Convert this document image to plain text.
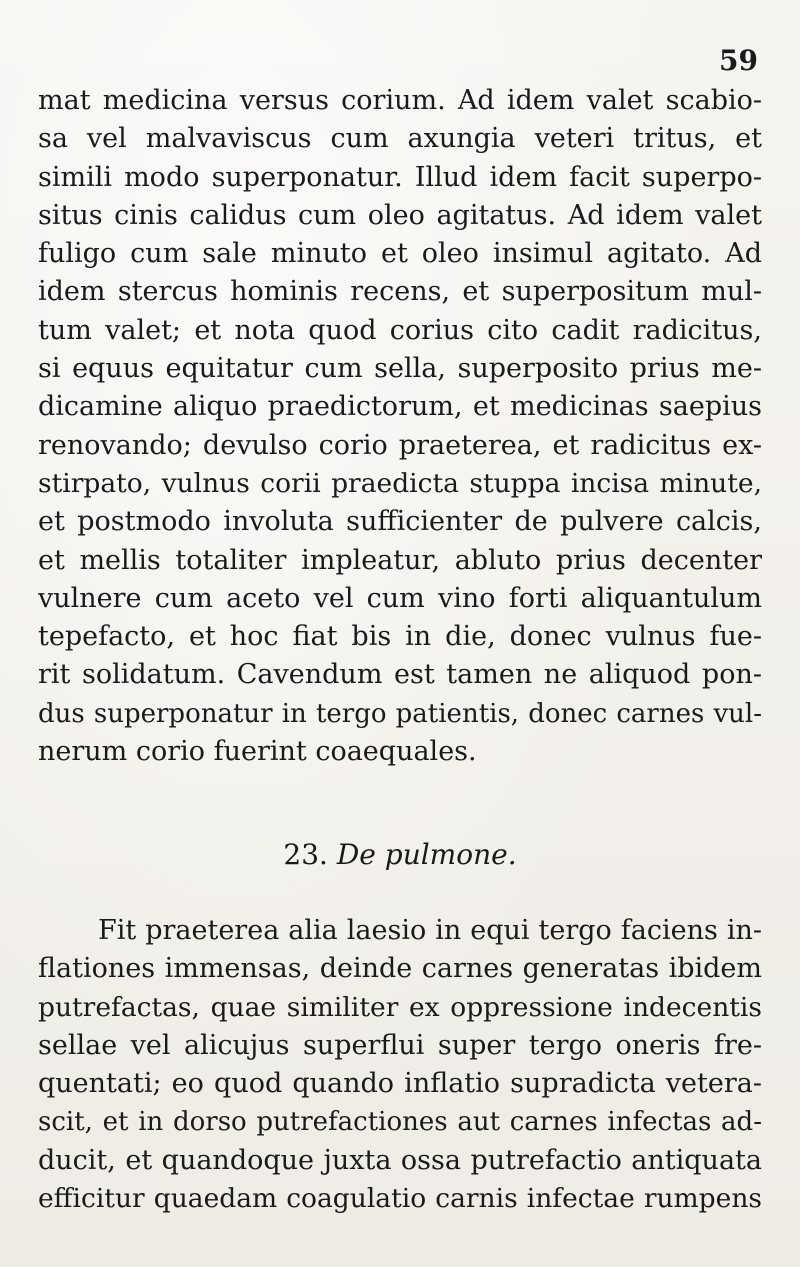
59
mat medicina versus corium. Ad idem valet scabio-
sa vel malvaviscus cum axungia veteri tritus, et
simili modo superponatur. Illud idem facit superpo-
situs cinis calidus cum oleo agitatus. Ad idem valet
fuligo cum sale minuto et oleo insimul agitato. Ad
idem stercus hominis recens, et superpositum mul-
tum valet; et nota quod corius cito cadit radicitus,
si equus equitatur cum sella, superposito prius me-
dicamine aliquo praedictorum, et medicinas saepius
renovando; devulso corio praeterea, et radicitus ex-
stirpato, vulnus corii praedicta stuppa incisa minute,
et postmodo involuta sufficienter de pulvere calcis,
et mellis totaliter impleatur, abluto prius decenter
vulnere cum aceto vel cum vino forti aliquantulum
tepefacto, et hoc fiat bis in die, donec vulnus fue-
rit solidatum. Cavendum est tamen ne aliquod pon-
dus superponatur in tergo patientis, donec carnes vul-
nerum corio fuerint coaequales.
23. De pulmone.
Fit praeterea alia laesio in equi tergo faciens in-
flationes immensas, deinde carnes generatas ibidem
putrefactas, quae similiter ex oppressione indecentis
sellae vel alicujus superflui super tergo oneris fre-
quentati; eo quod quando inflatio supradicta vetera-
scit, et in dorso putrefactiones aut carnes infectas ad-
ducit, et quandoque juxta ossa putrefactio antiquata
efficitur quaedam coagulatio carnis infectae rumpens
